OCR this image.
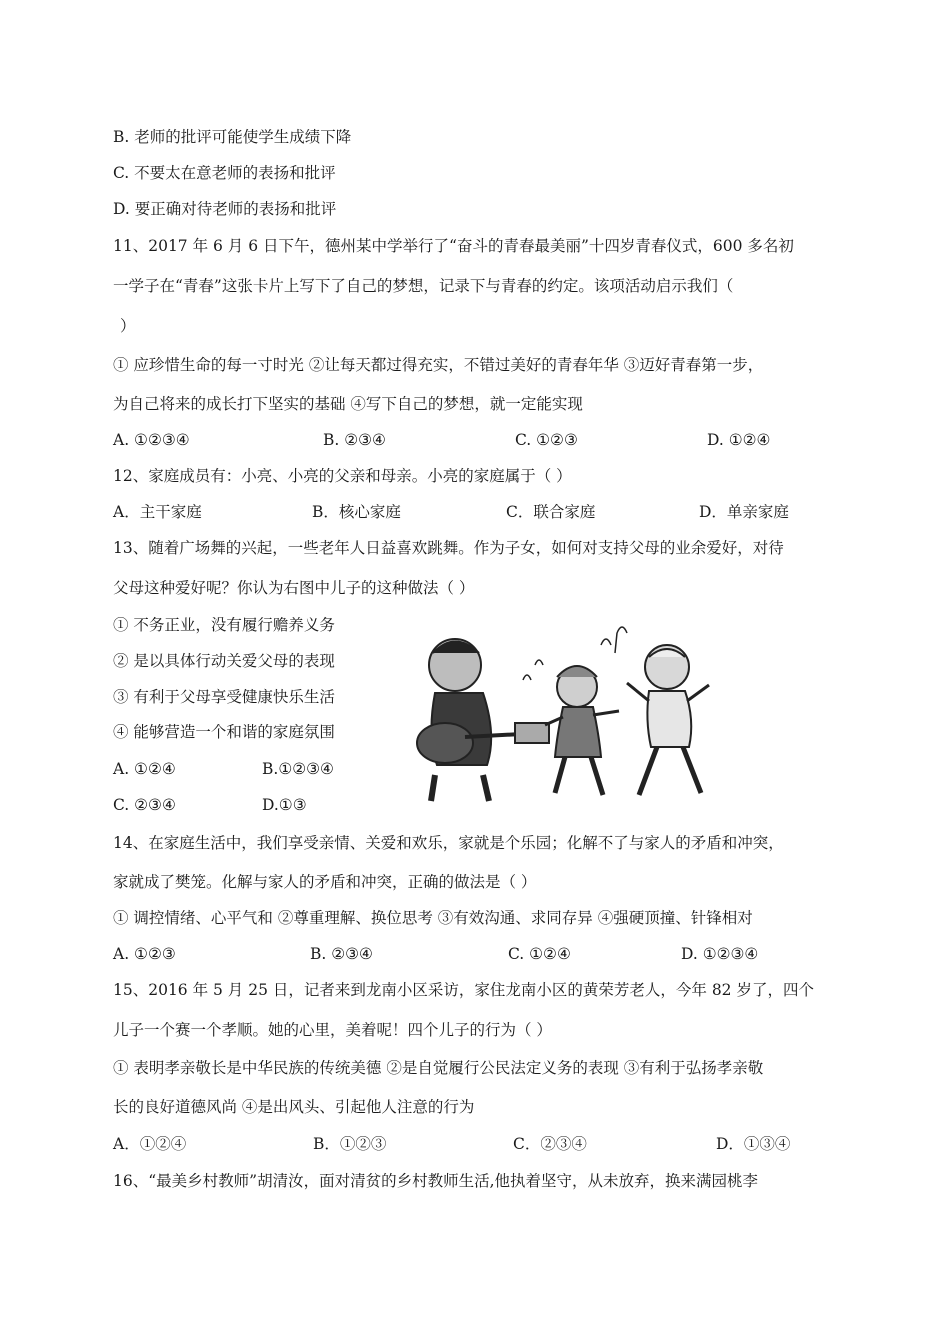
B. 老师的批评可能使学生成绩下降
C. 不要太在意老师的表扬和批评
D. 要正确对待老师的表扬和批评
11、2017 年 6 月 6 日下午，德州某中学举行了“奋斗的青春最美丽”十四岁青春仪式，600 多名初
一学子在“青春”这张卡片上写下了自己的梦想，记录下与青春的约定。该项活动启示我们（
）
① 应珍惜生命的每一寸时光 ②让每天都过得充实，不错过美好的青春年华 ③迈好青春第一步，
为自己将来的成长打下坚实的基础 ④写下自己的梦想，就一定能实现
A. ①②③④	B. ②③④	C. ①②③	D. ①②④
12、家庭成员有：小亮、小亮的父亲和母亲。小亮的家庭属于（ ）
A．主干家庭	B．核心家庭	C．联合家庭	D．单亲家庭
13、随着广场舞的兴起，一些老年人日益喜欢跳舞。作为子女，如何对支持父母的业余爱好，对待
父母这种爱好呢？你认为右图中儿子的这种做法（ ）
① 不务正业，没有履行赡养义务
② 是以具体行动关爱父母的表现
③ 有利于父母享受健康快乐生活
④ 能够营造一个和谐的家庭氛围
A. ①②④	B.①②③④
C. ②③④	D.①③
14、在家庭生活中，我们享受亲情、关爱和欢乐，家就是个乐园；化解不了与家人的矛盾和冲突，
家就成了樊笼。化解与家人的矛盾和冲突，正确的做法是（ ）
① 调控情绪、心平气和 ②尊重理解、换位思考 ③有效沟通、求同存异 ④强硬顶撞、针锋相对
A. ①②③	B. ②③④	C. ①②④	D. ①②③④
15、2016 年 5 月 25 日，记者来到龙南小区采访，家住龙南小区的黄荣芳老人，今年 82 岁了，四个
儿子一个赛一个孝顺。她的心里，美着呢！四个儿子的行为（ ）
① 表明孝亲敬长是中华民族的传统美德 ②是自觉履行公民法定义务的表现 ③有利于弘扬孝亲敬
长的良好道德风尚 ④是出风头、引起他人注意的行为
A．①②④	B．①②③	C．②③④	D．①③④
16、“最美乡村教师”胡清汝，面对清贫的乡村教师生活,他执着坚守，从未放弃，换来满园桃李
